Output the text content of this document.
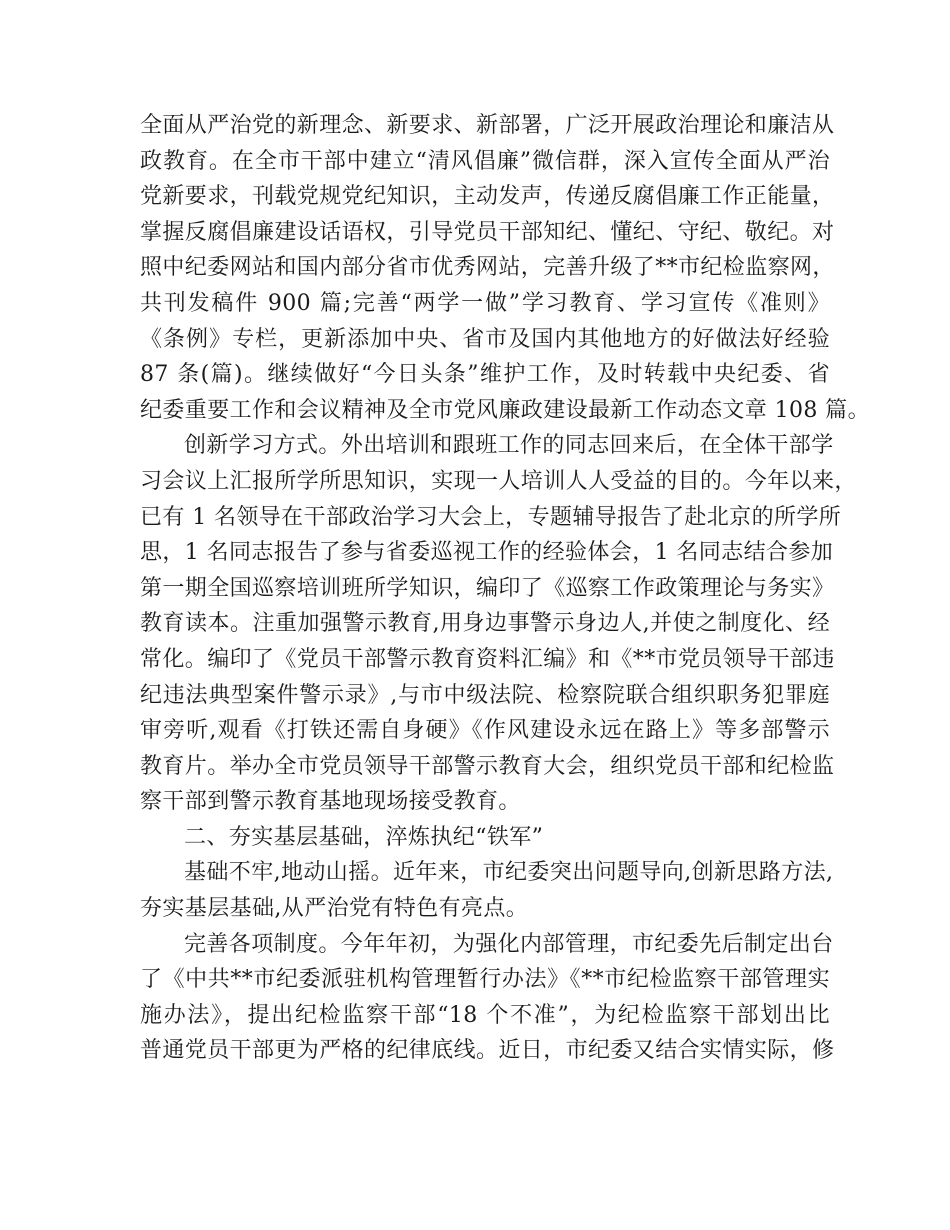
全面从严治党的新理念、新要求、新部署，广泛开展政治理论和廉洁从
政教育。在全市干部中建立“清风倡廉”微信群，深入宣传全面从严治
党新要求，刊载党规党纪知识，主动发声，传递反腐倡廉工作正能量，
掌握反腐倡廉建设话语权，引导党员干部知纪、懂纪、守纪、敬纪。对
照中纪委网站和国内部分省市优秀网站，完善升级了**市纪检监察网，
共刊发稿件 900 篇;完善“两学一做”学习教育、学习宣传《准则》
《条例》专栏，更新添加中央、省市及国内其他地方的好做法好经验
87 条(篇)。继续做好“今日头条”维护工作，及时转载中央纪委、省
纪委重要工作和会议精神及全市党风廉政建设最新工作动态文章 108 篇。
创新学习方式。外出培训和跟班工作的同志回来后，在全体干部学
习会议上汇报所学所思知识，实现一人培训人人受益的目的。今年以来，
已有 1 名领导在干部政治学习大会上，专题辅导报告了赴北京的所学所
思，1 名同志报告了参与省委巡视工作的经验体会，1 名同志结合参加
第一期全国巡察培训班所学知识，编印了《巡察工作政策理论与务实》
教育读本。注重加强警示教育,用身边事警示身边人,并使之制度化、经
常化。编印了《党员干部警示教育资料汇编》和《**市党员领导干部违
纪违法典型案件警示录》,与市中级法院、检察院联合组织职务犯罪庭
审旁听,观看《打铁还需自身硬》《作风建设永远在路上》等多部警示
教育片。举办全市党员领导干部警示教育大会，组织党员干部和纪检监
察干部到警示教育基地现场接受教育。
二、夯实基层基础，淬炼执纪“铁军”
基础不牢,地动山摇。近年来，市纪委突出问题导向,创新思路方法,
夯实基层基础,从严治党有特色有亮点。
完善各项制度。今年年初，为强化内部管理，市纪委先后制定出台
了《中共**市纪委派驻机构管理暂行办法》《**市纪检监察干部管理实
施办法》，提出纪检监察干部“18 个不准”，为纪检监察干部划出比
普通党员干部更为严格的纪律底线。近日，市纪委又结合实情实际，修
